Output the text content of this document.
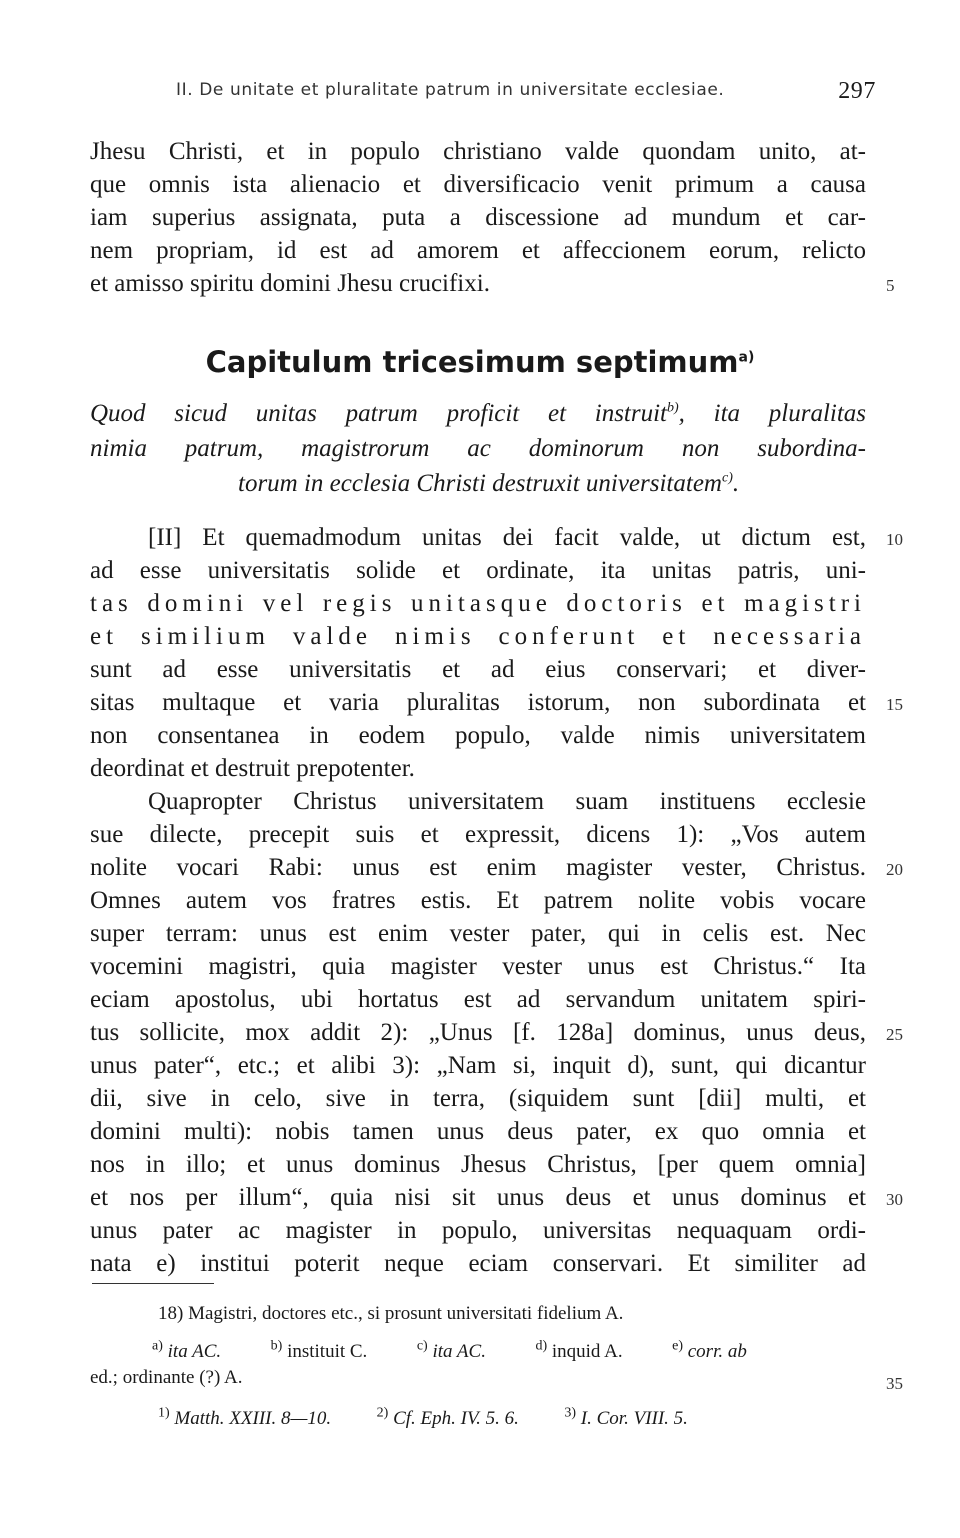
II. De unitate et pluralitate patrum in universitate ecclesiae.	297
Jhesu Christi, et in populo christiano valde quondam unito, at-
que omnis ista alienacio et diversificacio venit primum a causa
iam superius assignata, puta a discessione ad mundum et car-
nem propriam, id est ad amorem et affeccionem eorum, relicto
et amisso spiritu domini Jhesu crucifixi.	5
Capitulum tricesimum septimum$^{a)}$
Quod sicud unitas patrum proficit et instruit$^{b)}$, ita pluralitas
nimia patrum, magistrorum ac dominorum non subordina-
torum in ecclesia Christi destruxit universitatem$^{c)}$.
[II] Et quemadmodum unitas dei facit valde, ut dictum est, 10
ad esse universitatis solide et ordinate, ita unitas patris, uni-
tas domini vel regis unitasque doctoris et magistri
et similium valde nimis conferunt et necessaria
sunt ad esse universitatis et ad eius conservari; et diver-
sitas multaque et varia pluralitas istorum, non subordinata et 15
non consentanea in eodem populo, valde nimis universitatem
deordinat et destruit prepotenter.
Quapropter Christus universitatem suam instituens ecclesie
sue dilecte, precepit suis et expressit, dicens 1): „Vos autem
nolite vocari Rabi: unus est enim magister vester, Christus. 20
Omnes autem vos fratres estis. Et patrem nolite vobis vocare
super terram: unus est enim vester pater, qui in celis est. Nec
vocemini magistri, quia magister vester unus est Christus.“ Ita
eciam apostolus, ubi hortatus est ad servandum unitatem spiri-
tus sollicite, mox addit 2): „Unus [f. 128a] dominus, unus deus, 25
unus pater“, etc.; et alibi 3): „Nam si, inquit d), sunt, qui dicantur
dii, sive in celo, sive in terra, (siquidem sunt [dii] multi, et
domini multi): nobis tamen unus deus pater, ex quo omnia et
nos in illo; et unus dominus Jhesus Christus, [per quem omnia]
et nos per illum“, quia nisi sit unus deus et unus dominus et 30
unus pater ac magister in populo, universitas nequaquam ordi-
nata e) institui poterit neque eciam conservari. Et similiter ad
18) Magistri, doctores etc., si prosunt universitati fidelium A.
$^{a)}$ ita AC.	$^{b)}$ instituit C.	$^{c)}$ ita AC.	$^{d)}$ inquid A.	$^{e)}$ corr. ab
ed.; ordinante (?) A.	35
$^{1)}$ Matth. XXIII. 8—10.	$^{2)}$ Cf. Eph. IV. 5. 6.	$^{3)}$ I. Cor. VIII. 5.
